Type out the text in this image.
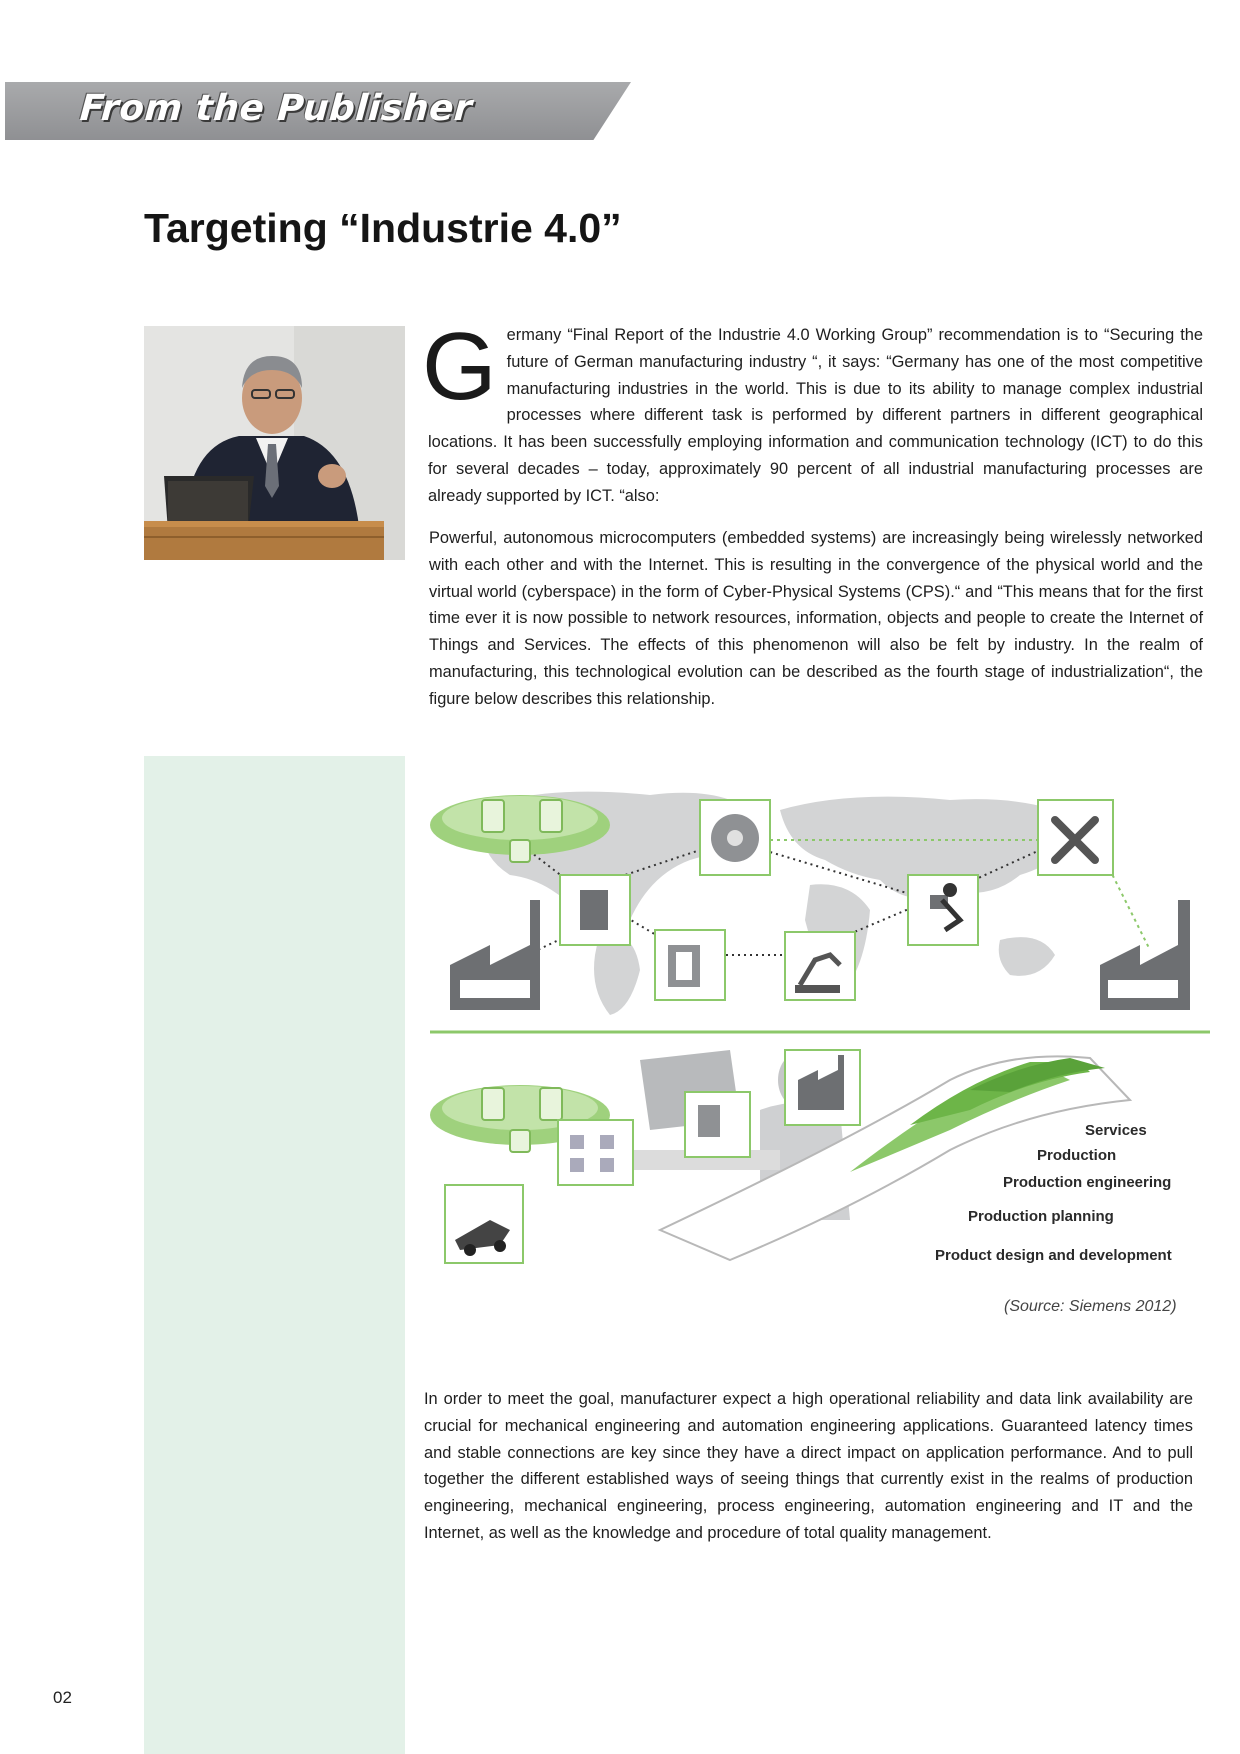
From the Publisher
Targeting “Industrie 4.0”

G ermany “Final Report of the Industrie 4.0 Working Group” recommendation is to “Securing the future of German manufacturing industry “, it says: “Germany has one of the most competitive manufacturing industries in the world. This is due to its ability to manage complex industrial processes where different task is performed by different partners in different geographical locations. It has been successfully employing information and communication technology (ICT) to do this for several decades – today, approximately 90 percent of all industrial manufacturing processes are already supported by ICT. “also:

Powerful, autonomous microcomputers (embedded systems) are increasingly being wirelessly networked with each other and with the Internet. This is resulting in the convergence of the physical world and the virtual world (cyberspace) in the form of Cyber-Physical Systems (CPS).“ and “This means that for the first time ever it is now possible to network resources, information, objects and people to create the Internet of Things and Services. The effects of this phenomenon will also be felt by industry. In the realm of manufacturing, this technological evolution can be described as the fourth stage of industrialization“, the figure below describes this relationship.

Services
Production
Production engineering
Production planning
Product design and development
(Source: Siemens 2012)

In order to meet the goal, manufacturer expect a high operational reliability and data link availability are crucial for mechanical engineering and automation engineering applications. Guaranteed latency times and stable connections are key since they have a direct impact on application performance. And to pull together the different established ways of seeing things that currently exist in the realms of production engineering, mechanical engineering, process engineering, automation engineering and IT and the Internet, as well as the knowledge and procedure of total quality management.

02
